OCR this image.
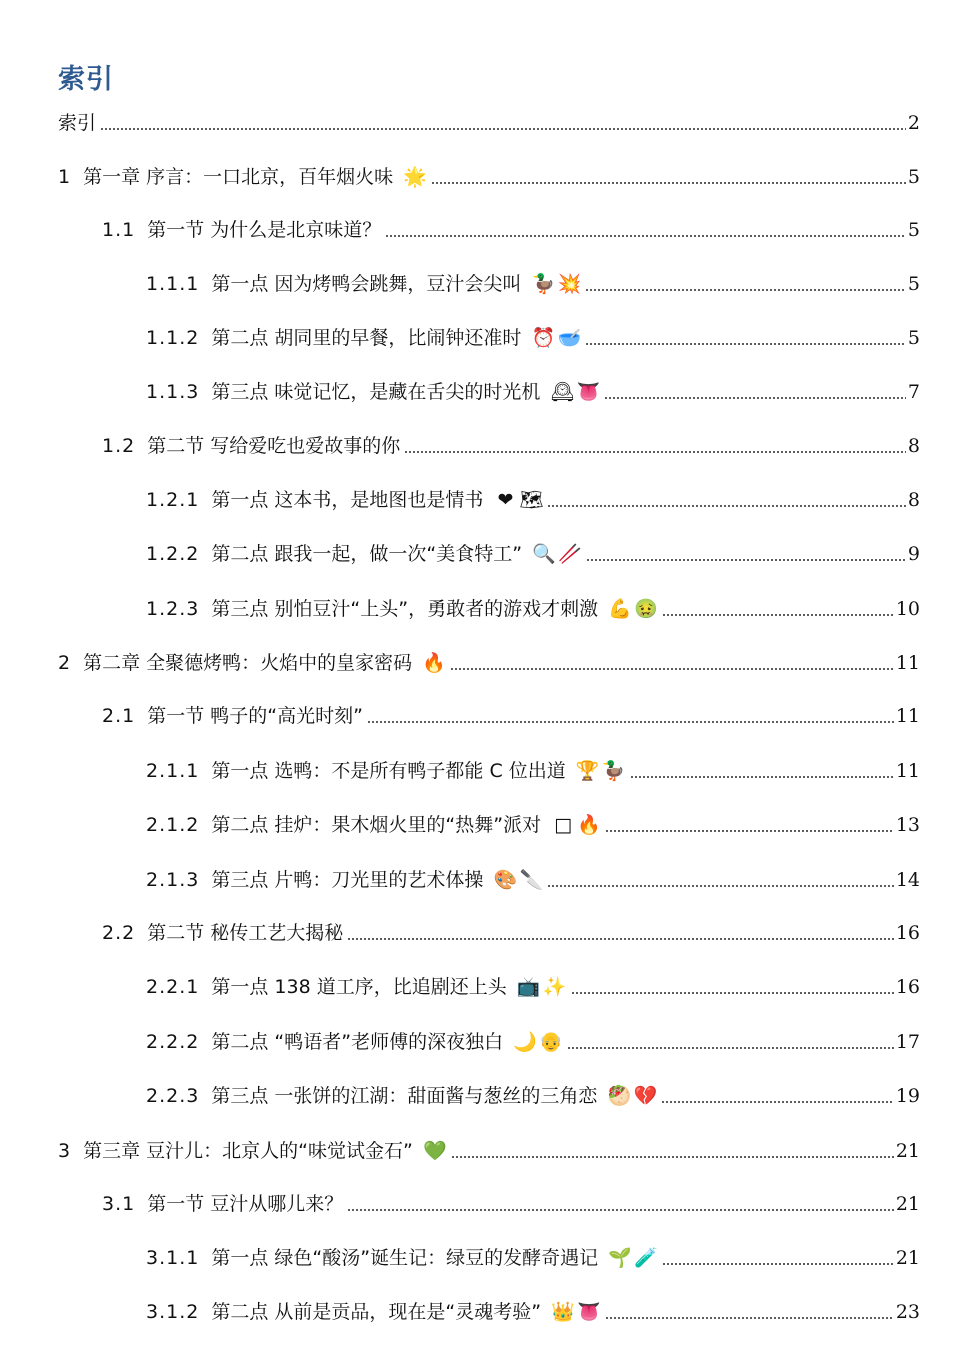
索引
索引	2
1 第一章 序言：一口北京，百年烟火味 🌟	5
1.1 第一节 为什么是北京味道？	5
1.1.1 第一点 因为烤鸭会跳舞，豆汁会尖叫 🦆 💥	5
1.1.2 第二点 胡同里的早餐，比闹钟还准时 ⏰ 🥣	5
1.1.3 第三点 味觉记忆，是藏在舌尖的时光机 🕰 👅	7
1.2 第二节 写给爱吃也爱故事的你	8
1.2.1 第一点 这本书，是地图也是情书 ❤ 🗺	8
1.2.2 第二点 跟我一起，做一次“美食特工” 🔍 🥢	9
1.2.3 第三点 别怕豆汁“上头”，勇敢者的游戏才刺激 💪 🤢	10
2 第二章 全聚德烤鸭：火焰中的皇家密码 🔥	11
2.1 第一节 鸭子的“高光时刻”	11
2.1.1 第一点 选鸭：不是所有鸭子都能 C 位出道 🏆 🦆	11
2.1.2 第二点 挂炉：果木烟火里的“热舞”派对 □ 🔥	13
2.1.3 第三点 片鸭：刀光里的艺术体操 🎨 🔪	14
2.2 第二节 秘传工艺大揭秘	16
2.2.1 第一点 138 道工序，比追剧还上头 📺 ✨	16
2.2.2 第二点 “鸭语者”老师傅的深夜独白 🌙 👴	17
2.2.3 第三点 一张饼的江湖：甜面酱与葱丝的三角恋 🥙 💔	19
3 第三章 豆汁儿：北京人的“味觉试金石” 💚	21
3.1 第一节 豆汁从哪儿来？	21
3.1.1 第一点 绿色“酸汤”诞生记：绿豆的发酵奇遇记 🌱 🧪	21
3.1.2 第二点 从前是贡品，现在是“灵魂考验” 👑 👅	23
